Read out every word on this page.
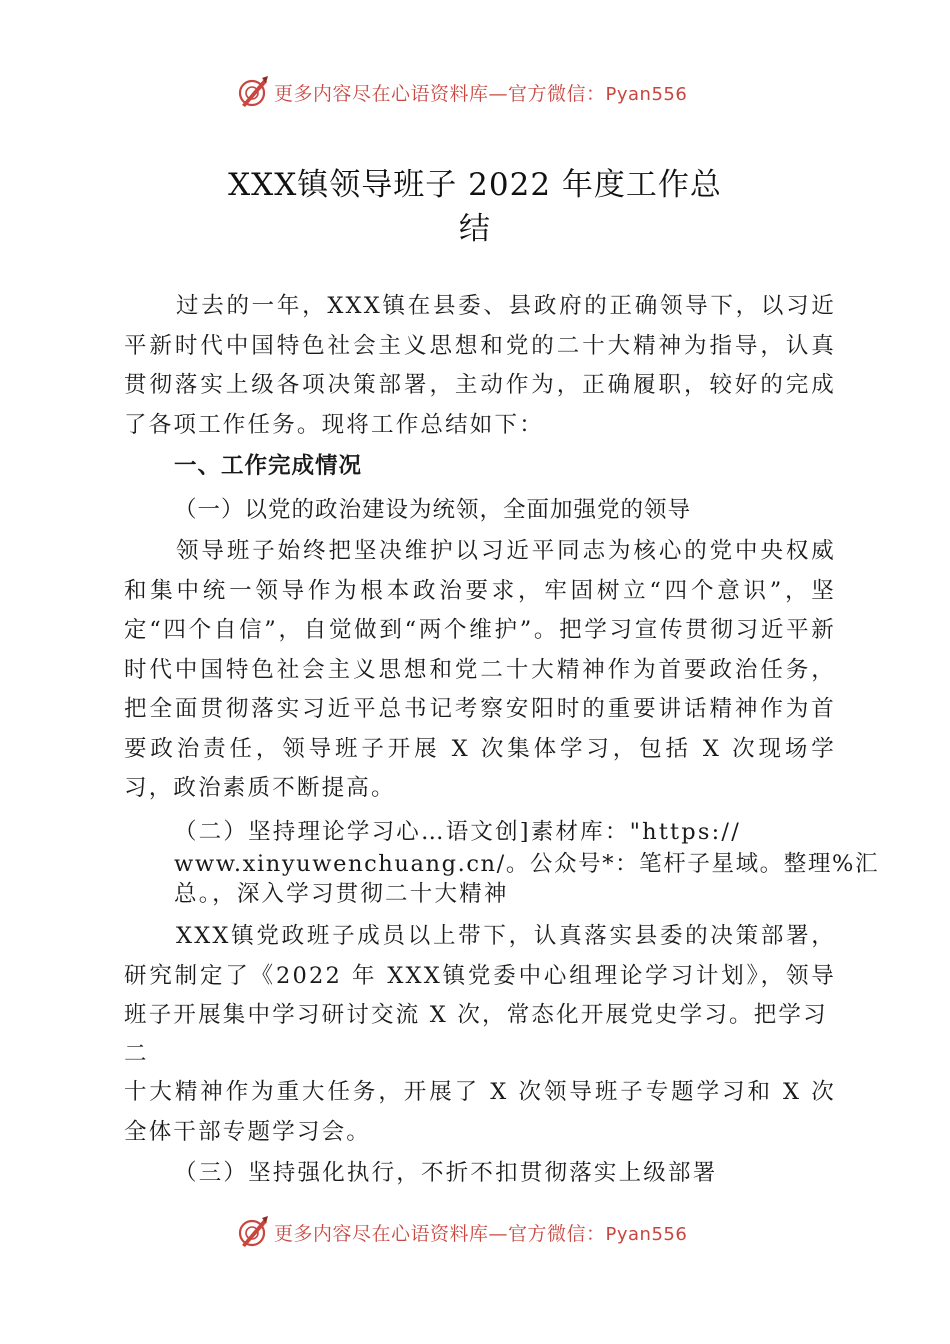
更多内容尽在心语资料库—官方微信：Pyan556
XXX镇领导班子 2022 年度工作总
结
过去的一年，XXX镇在县委、县政府的正确领导下，以习近平新时代中国特色社会主义思想和党的二十大精神为指导，认真贯彻落实上级各项决策部署，主动作为，正确履职，较好的完成了各项工作任务。现将工作总结如下：
一、工作完成情况
（一）以党的政治建设为统领，全面加强党的领导
领导班子始终把坚决维护以习近平同志为核心的党中央权威和集中统一领导作为根本政治要求，牢固树立“四个意识”，坚定“四个自信”，自觉做到“两个维护”。把学习宣传贯彻习近平新时代中国特色社会主义思想和党二十大精神作为首要政治任务，把全面贯彻落实习近平总书记考察安阳时的重要讲话精神作为首要政治责任，领导班子开展 X 次集体学习，包括 X 次现场学习，政治素质不断提高。
（二）坚持理论学习心…语文创]素材库："https://
www.xinyuwenchuang.cn/。公众号*：笔杆子星域。整理%汇
总。，深入学习贯彻二十大精神
XXX镇党政班子成员以上带下，认真落实县委的决策部署，研究制定了《2022 年 XXX镇党委中心组理论学习计划》，领导班子开展集中学习研讨交流 X 次，常态化开展党史学习。把学习
二
十大精神作为重大任务，开展了 X 次领导班子专题学习和 X 次全体干部专题学习会。
（三）坚持强化执行，不折不扣贯彻落实上级部署
更多内容尽在心语资料库—官方微信：Pyan556
